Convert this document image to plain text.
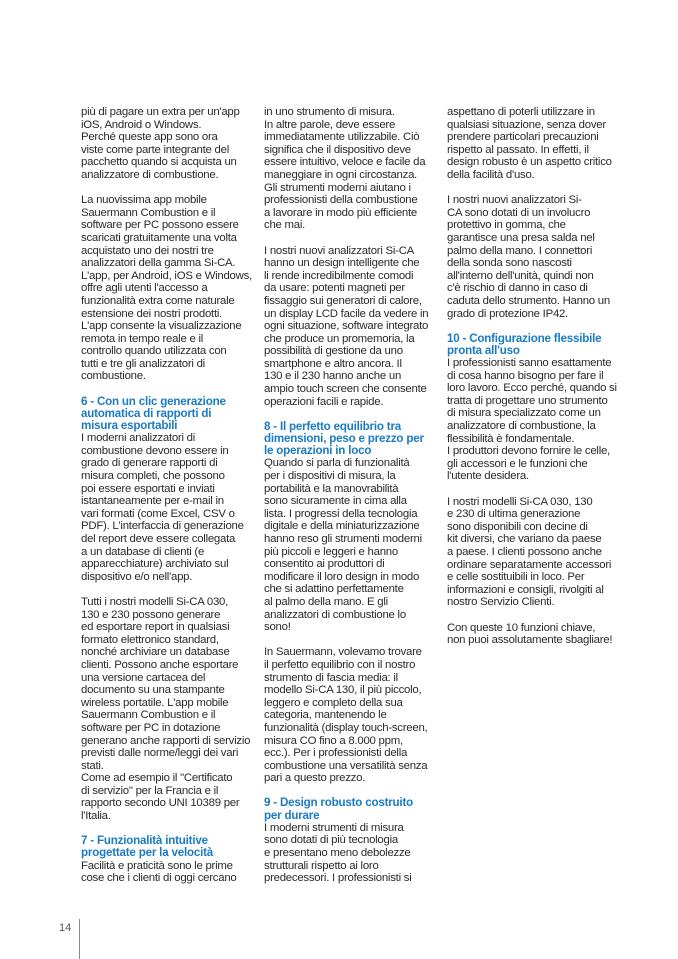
più di pagare un extra per un'app
iOS, Android o Windows.
Perché queste app sono ora
viste come parte integrante del
pacchetto quando si acquista un
analizzatore di combustione.

La nuovissima app mobile
Sauermann Combustion e il
software per PC possono essere
scaricati gratuitamente una volta
acquistato uno dei nostri tre
analizzatori della gamma Si-CA.
L'app, per Android, iOS e Windows,
offre agli utenti l'accesso a
funzionalità extra come naturale
estensione dei nostri prodotti.
L'app consente la visualizzazione
remota in tempo reale e il
controllo quando utilizzata con
tutti e tre gli analizzatori di
combustione.

6 - Con un clic generazione
automatica di rapporti di
misura esportabili

I moderni analizzatori di
combustione devono essere in
grado di generare rapporti di
misura completi, che possono
poi essere esportati e inviati
istantaneamente per e-mail in
vari formati (come Excel, CSV o
PDF). L'interfaccia di generazione
del report deve essere collegata
a un database di clienti (e
apparecchiature) archiviato sul
dispositivo e/o nell'app.

Tutti i nostri modelli Si-CA 030,
130 e 230 possono generare
ed esportare report in qualsiasi
formato elettronico standard,
nonché archiviare un database
clienti. Possono anche esportare
una versione cartacea del
documento su una stampante
wireless portatile. L'app mobile
Sauermann Combustion e il
software per PC in dotazione
generano anche rapporti di servizio
previsti dalle norme/leggi dei vari
stati.
Come ad esempio il "Certificato
di servizio" per la Francia e il
rapporto secondo UNI 10389 per
l'Italia.

7 - Funzionalità intuitive
progettate per la velocità

Facilità e praticità sono le prime
cose che i clienti di oggi cercano

in uno strumento di misura.
In altre parole, deve essere
immediatamente utilizzabile. Ciò
significa che il dispositivo deve
essere intuitivo, veloce e facile da
maneggiare in ogni circostanza.
Gli strumenti moderni aiutano i
professionisti della combustione
a lavorare in modo più efficiente
che mai.

I nostri nuovi analizzatori Si-CA
hanno un design intelligente che
li rende incredibilmente comodi
da usare: potenti magneti per
fissaggio sui generatori di calore,
un display LCD facile da vedere in
ogni situazione, software integrato
che produce un promemoria, la
possibilità di gestione da uno
smartphone e altro ancora. Il
130 e il 230 hanno anche un
ampio touch screen che consente
operazioni facili e rapide.

8 - Il perfetto equilibrio tra
dimensioni, peso e prezzo per
le operazioni in loco

Quando si parla di funzionalità
per i dispositivi di misura, la
portabilità e la manovrabilità
sono sicuramente in cima alla
lista. I progressi della tecnologia
digitale e della miniaturizzazione
hanno reso gli strumenti moderni
più piccoli e leggeri e hanno
consentito ai produttori di
modificare il loro design in modo
che si adattino perfettamente
al palmo della mano. E gli
analizzatori di combustione lo
sono!

In Sauermann, volevamo trovare
il perfetto equilibrio con il nostro
strumento di fascia media: il
modello Si-CA 130, il più piccolo,
leggero e completo della sua
categoria, mantenendo le
funzionalità (display touch-screen,
misura CO fino a 8.000 ppm,
ecc.). Per i professionisti della
combustione una versatilità senza
pari a questo prezzo.

9 - Design robusto costruito
per durare

I moderni strumenti di misura
sono dotati di più tecnologia
e presentano meno debolezze
strutturali rispetto ai loro
predecessori. I professionisti si

aspettano di poterli utilizzare in
qualsiasi situazione, senza dover
prendere particolari precauzioni
rispetto al passato. In effetti, il
design robusto è un aspetto critico
della facilità d'uso.

I nostri nuovi analizzatori Si-
CA sono dotati di un involucro
protettivo in gomma, che
garantisce una presa salda nel
palmo della mano. I connettori
della sonda sono nascosti
all'interno dell'unità, quindi non
c'è rischio di danno in caso di
caduta dello strumento. Hanno un
grado di protezione IP42.

10 - Configurazione flessibile
pronta all'uso

I professionisti sanno esattamente
di cosa hanno bisogno per fare il
loro lavoro. Ecco perché, quando si
tratta di progettare uno strumento
di misura specializzato come un
analizzatore di combustione, la
flessibilità è fondamentale.
I produttori devono fornire le celle,
gli accessori e le funzioni che
l'utente desidera.

I nostri modelli Si-CA 030, 130
e 230 di ultima generazione
sono disponibili con decine di
kit diversi, che variano da paese
a paese. I clienti possono anche
ordinare separatamente accessori
e celle sostituibili in loco. Per
informazioni e consigli, rivolgiti al
nostro Servizio Clienti.

Con queste 10 funzioni chiave,
non puoi assolutamente sbagliare!

14
